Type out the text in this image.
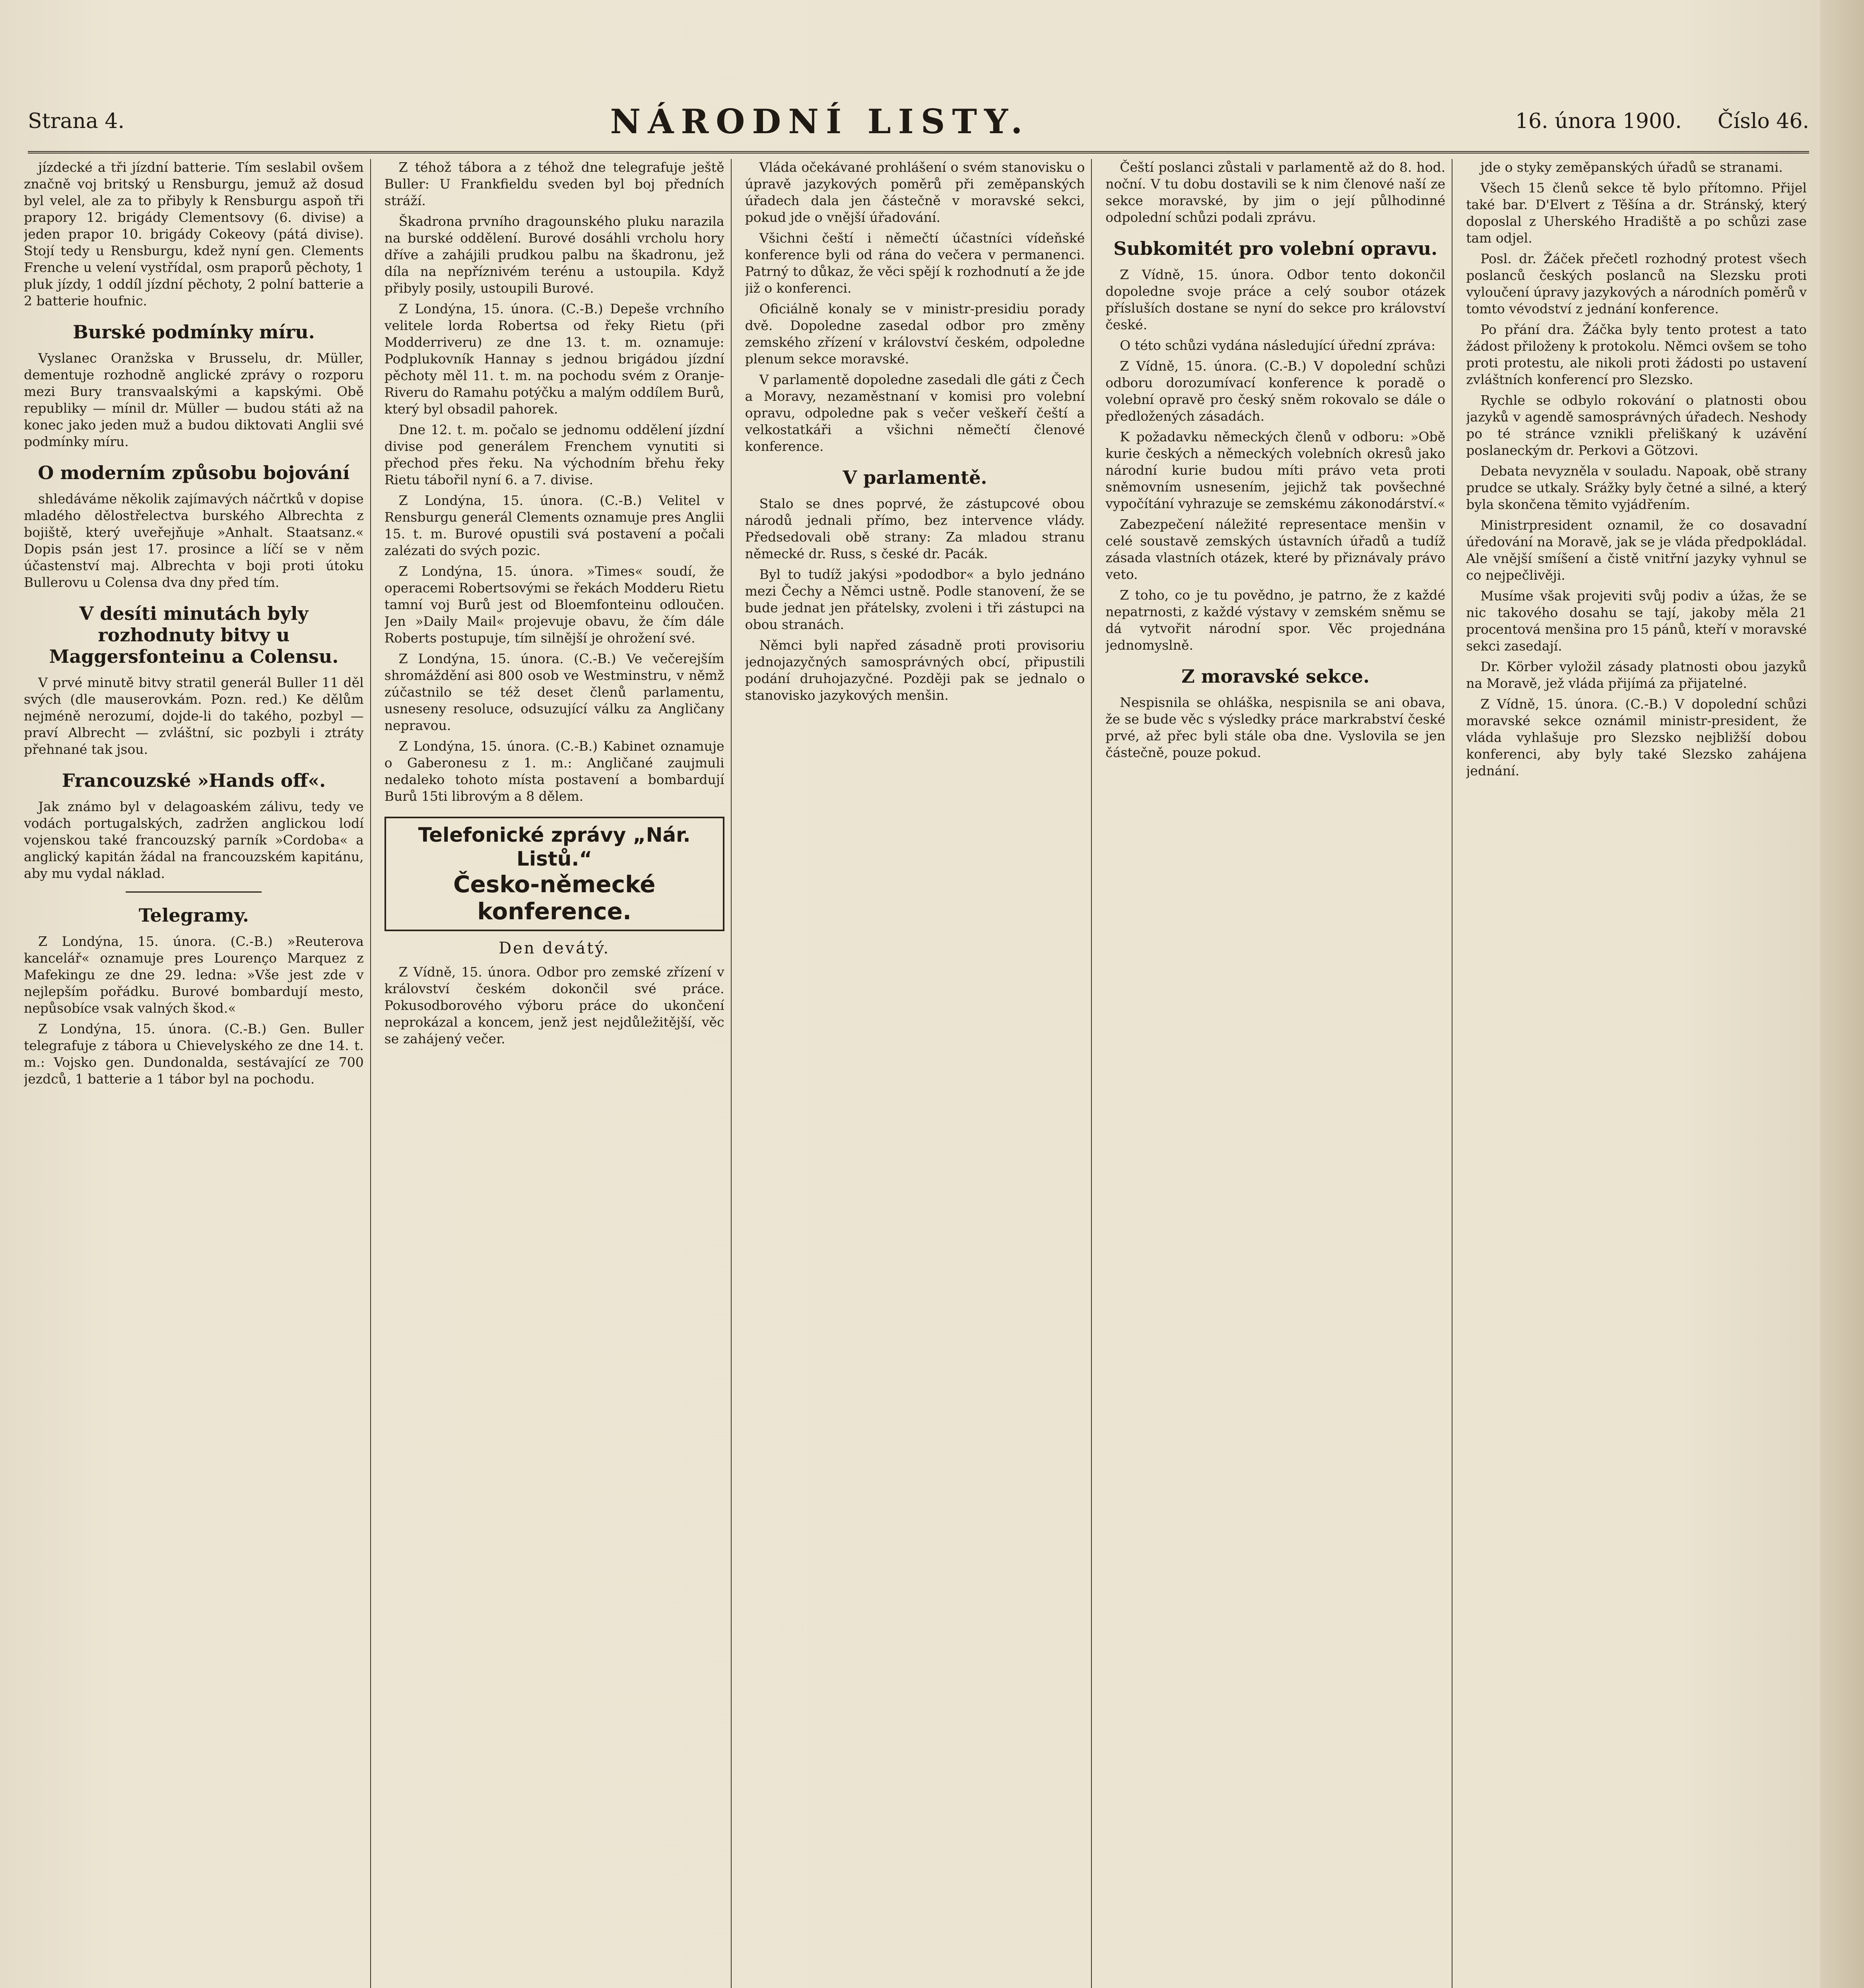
Strana 4.	NÁRODNÍ LISTY.	16. února 1900. Číslo 46.

jízdecké a tři jízdní batterie. Tím seslabil ovšem značně voj britský u Rensburgu, jemuž až dosud byl velel, ale za to přibyly k Rensburgu aspoň tři prapory 12. brigády Clementsovy (6. divise) a jeden prapor 10. brigády Cokeovy (pátá divise). Stojí tedy u Rensburgu, kdež nyní gen. Clements Frenche u velení vystřídal, osm praporů pěchoty, 1 pluk jízdy, 1 oddíl jízdní pěchoty, 2 polní batterie a 2 batterie houfnic.

Burské podmínky míru.

Vyslanec Oranžska v Brusselu, dr. Müller, dementuje rozhodně anglické zprávy o rozporu mezi Bury transvaalskými a kapskými. Obě republiky — mínil dr. Müller — budou státi až na konec jako jeden muž a budou diktovati Anglii své podmínky míru.

O moderním způsobu bojování

shledáváme několik zajímavých náčrtků v dopise mladého dělostřelectva burského Albrechta z bojiště, který uveřejňuje »Anhalt. Staatsanz.« Dopis psán jest 17. prosince a líčí se v něm účastenství maj. Albrechta v boji proti útoku Bullerovu u Colensa dva dny před tím.

V desíti minutách byly rozhodnuty bitvy u Maggersfonteinu a Colensu.

V prvé minutě bitvy stratil generál Buller 11 děl svých (dle mauserovkám. Pozn. red.) Ke dělům nejméně nerozumí, dojde-li do takého, pozbyl — praví Albrecht — zvláštní, sic pozbyli i ztráty přehnané tak jsou.

Francouzské »Hands off«.

Jak známo byl v delagoaském zálivu, tedy ve vodách portugalských, zadržen anglickou lodí vojenskou také francouzský parník »Cordoba« a anglický kapitán žádal na francouzském kapitánu, aby mu vydal náklad.

Telegramy.

Z Londýna, 15. února. (C.-B.) »Reuterova kancelář« oznamuje pres Lourenço Marquez z Mafekingu ze dne 29. ledna: »Vše jest zde v nejlepším pořádku. Burové bombardují mesto, nepůsobíce vsak valných škod.«

Z Londýna, 15. února. (C.-B.) Gen. Buller telegrafuje z tábora u Chievelyského ze dne 14. t. m.: Vojsko gen. Dundonalda, sestávající ze 700 jezdců, 1 batterie a 1 tábor byl na pochodu.

Z téhož tábora a z téhož dne telegrafuje ještě Buller: U Frankfieldu sveden byl boj předních stráží.

Škadrona prvního dragounského pluku narazila na burské oddělení. Burové dosáhli vrcholu hory dříve a zahájili prudkou palbu na škadronu, jež díla na nepříznivém terénu a ustoupila. Když přibyly posily, ustoupili Burové.

Z Londýna, 15. února. (C.-B.) Depeše vrchního velitele lorda Robertsa od řeky Rietu (při Modderriveru) ze dne 13. t. m. oznamuje: Podplukovník Hannay s jednou brigádou jízdní pěchoty měl 11. t. m. na pochodu svém z Oranje-Riveru do Ramahu potýčku a malým oddílem Burů, který byl obsadil pahorek.

Dne 12. t. m. počalo se jednomu oddělení jízdní divise pod generálem Frenchem vynutiti si přechod přes řeku. Na východním břehu řeky Rietu tábořil nyní 6. a 7. divise.

Z Londýna, 15. února. (C.-B.) Velitel v Rensburgu generál Clements oznamuje pres Anglii 15. t. m. Burové opustili svá postavení a počali zalézati do svých pozic.

Z Londýna, 15. února. »Times« soudí, že operacemi Robertsovými se řekách Modderu Rietu tamní voj Burů jest od Bloemfonteinu odloučen. Jen »Daily Mail« projevuje obavu, že čím dále Roberts postupuje, tím silnější je ohrožení své.

Z Londýna, 15. února. (C.-B.) Ve večerejším shromáždění asi 800 osob ve Westminstru, v němž zúčastnilo se též deset členů parlamentu, usneseny resoluce, odsuzující válku za Angličany nepravou.

Z Londýna, 15. února. (C.-B.) Kabinet oznamuje o Gaberonesu z 1. m.: Angličané zaujmuli nedaleko tohoto místa postavení a bombardují Burů 15ti librovým a 8 dělem.

Telefonické zprávy „Nár. Listů.“
Česko-německé konference.
Den devátý.

Z Vídně, 15. února. Odbor pro zemské zřízení v království českém dokončil své práce. Pokusodborového výboru práce do ukončení neprokázal a koncem, jenž jest nejdůležitější, věc se zahájený večer.

Vláda očekávané prohlášení o svém stanovisku o úpravě jazykových poměrů při zeměpanských úřadech dala jen částečně v moravské sekci, pokud jde o vnější úřadování.

Všichni čeští i němečtí účastníci vídeňské konference byli od rána do večera v permanenci. Patrný to důkaz, že věci spějí k rozhodnutí a že jde již o konferenci.

Oficiálně konaly se v ministr-presidiu porady dvě. Dopoledne zasedal odbor pro změny zemského zřízení v království českém, odpoledne plenum sekce moravské.

V parlamentě dopoledne zasedali dle gáti z Čech a Moravy, nezaměstnaní v komisi pro volební opravu, odpoledne pak s večer veškeří čeští a velkostatkáři a všichni němečtí členové konference.

V parlamentě.

Stalo se dnes poprvé, že zástupcové obou národů jednali přímo, bez intervence vlády. Předsedovali obě strany: Za mladou stranu německé dr. Russ, s české dr. Pacák.

Byl to tudíž jakýsi »pododbor« a bylo jednáno mezi Čechy a Němci ustně. Podle stanovení, že se bude jednat jen přátelsky, zvoleni i tři zástupci na obou stranách.

Němci byli napřed zásadně proti provisoriu jednojazyčných samosprávných obcí, připustili podání druhojazyčné. Později pak se jednalo o stanovisko jazykových menšin.

Čeští poslanci zůstali v parlamentě až do 8. hod. noční. V tu dobu dostavili se k nim členové naší ze sekce moravské, by jim o její půlhodinné odpolední schůzi podali zprávu.

Subkomitét pro volební opravu.

Z Vídně, 15. února. Odbor tento dokončil dopoledne svoje práce a celý soubor otázek přísluších dostane se nyní do sekce pro království české.

O této schůzi vydána následující úřední zpráva:

Z Vídně, 15. února. (C.-B.) V dopolední schůzi odboru dorozumívací konference k poradě o volební opravě pro český sněm rokovalo se dále o předložených zásadách.

K požadavku německých členů v odboru: »Obě kurie českých a německých volebních okresů jako národní kurie budou míti právo veta proti sněmovním usnesením, jejichž tak povšechné vypočítání vyhrazuje se zemskému zákonodárství.«

Zabezpečení náležité representace menšin v celé soustavě zemských ústavních úřadů a tudíž zásada vlastních otázek, které by přiznávaly právo veto.

Z toho, co je tu povědno, je patrno, že z každé nepatrnosti, z každé výstavy v zemském sněmu se dá vytvořit národní spor. Věc projednána jednomyslně.

Z moravské sekce.

Nespisnila se ohláška, nespisnila se ani obava, že se bude věc s výsledky práce markrabství české prvé, až přec byli stále oba dne. Vyslovila se jen částečně, pouze pokud.

jde o styky zeměpanských úřadů se stranami.

Všech 15 členů sekce tě bylo přítomno. Přijel také bar. D'Elvert z Těšína a dr. Stránský, který doposlal z Uherského Hradiště a po schůzi zase tam odjel.

Posl. dr. Žáček přečetl rozhodný protest všech poslanců českých poslanců na Slezsku proti vyloučení úpravy jazykových a národních poměrů v tomto vévodství z jednání konference.

Po přání dra. Žáčka byly tento protest a tato žádost přiloženy k protokolu. Němci ovšem se toho proti protestu, ale nikoli proti žádosti po ustavení zvláštních konferencí pro Slezsko.

Rychle se odbylo rokování o platnosti obou jazyků v agendě samosprávných úřadech. Neshody po té stránce vznikli přeliškaný k uzávění poslaneckým dr. Perkovi a Götzovi.

Debata nevyzněla v souladu. Napoak, obě strany prudce se utkaly. Srážky byly četné a silné, a který byla skončena těmito vyjádřením.

Ministrpresident oznamil, že co dosavadní úředování na Moravě, jak se je vláda předpokládal. Ale vnější smíšení a čistě vnitřní jazyky vyhnul se co nejpečlivěji.

Musíme však projeviti svůj podiv a úžas, že se nic takového dosahu se tají, jakoby měla 21 procentová menšina pro 15 pánů, kteří v moravské sekci zasedají.

Dr. Körber vyložil zásady platnosti obou jazyků na Moravě, jež vláda přijímá za přijatelné.

Z Vídně, 15. února. (C.-B.) V dopolední schůzi moravské sekce oznámil ministr-president, že vláda vyhlašuje pro Slezsko nejbližší dobou konferenci, aby byly také Slezsko zahájena jednání.
